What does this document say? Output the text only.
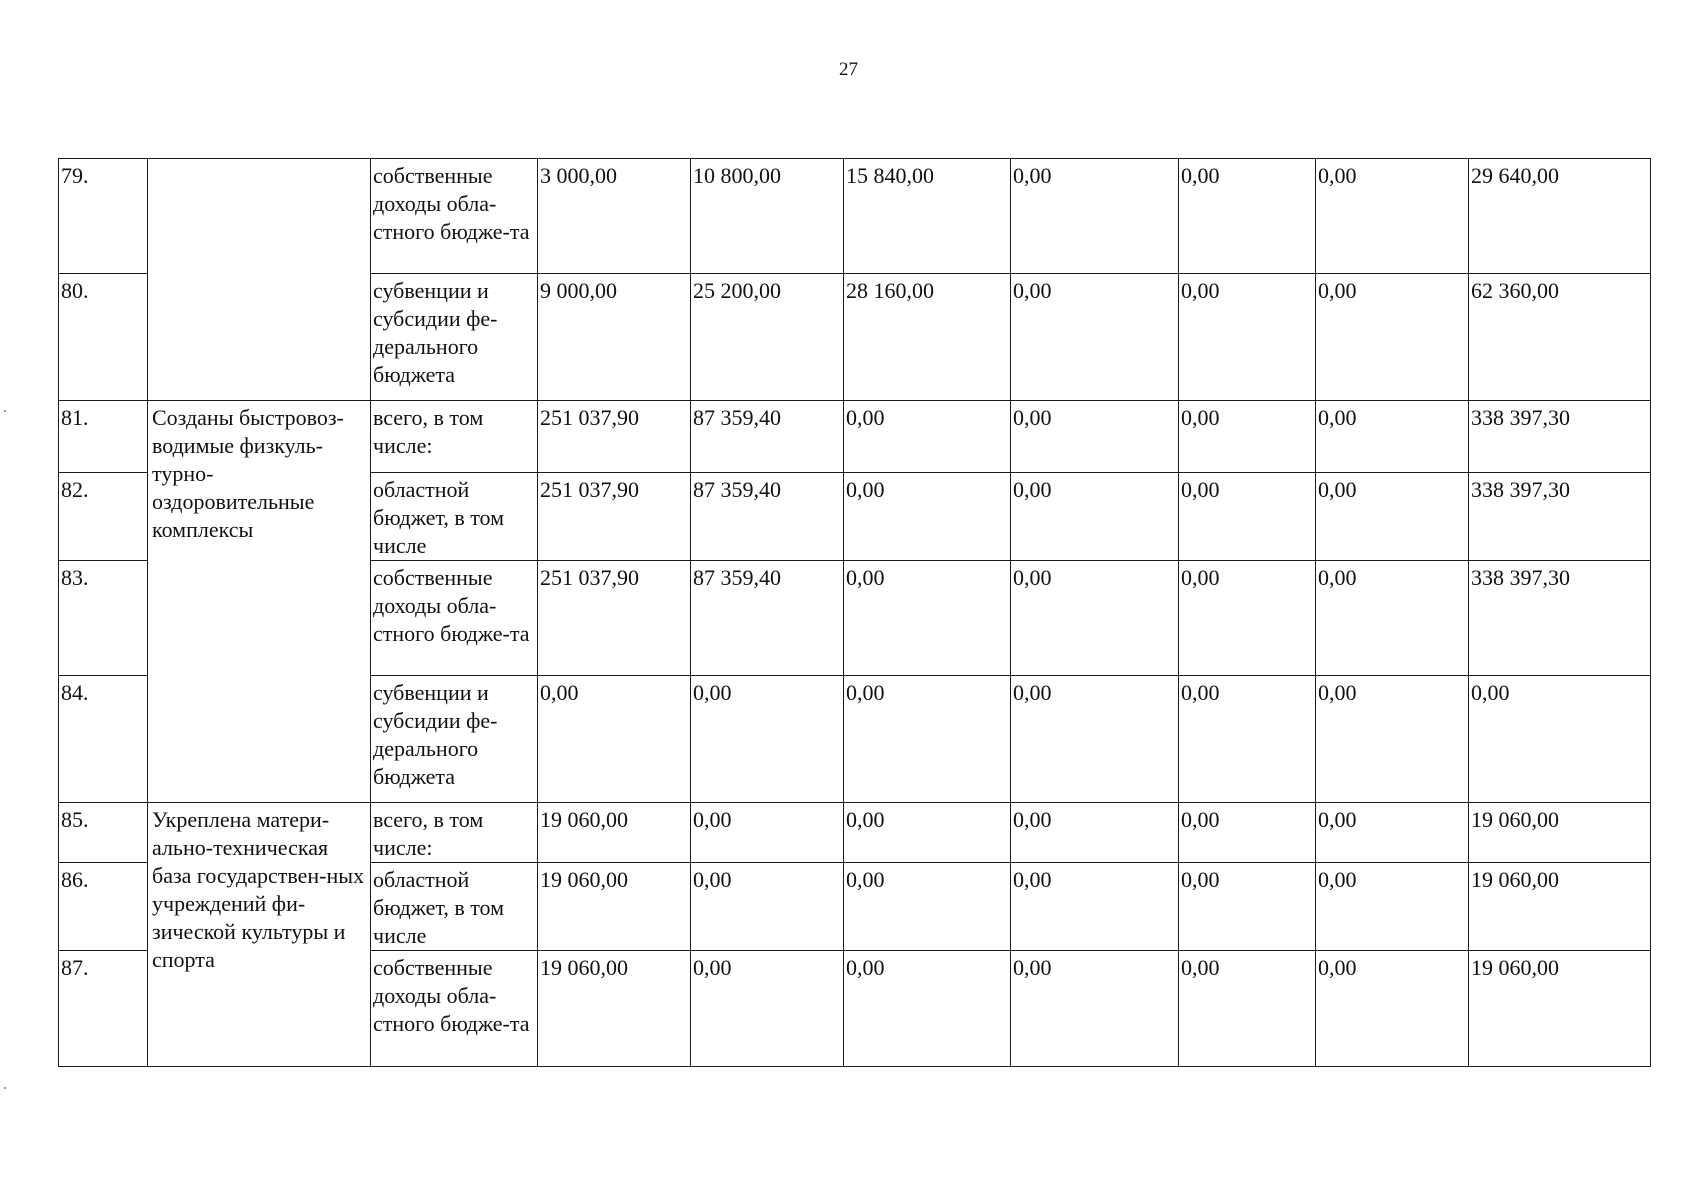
27
79.		собственные доходы обла-стного бюдже-та	3 000,00	10 800,00	15 840,00	0,00	0,00	0,00	29 640,00
80.		субвенции и субсидии фе-дерального бюджета	9 000,00	25 200,00	28 160,00	0,00	0,00	0,00	62 360,00
81.	Созданы быстровоз-водимые физкуль-турно-оздоровительные комплексы	всего, в том числе:	251 037,90	87 359,40	0,00	0,00	0,00	0,00	338 397,30
82.		областной бюджет, в том числе	251 037,90	87 359,40	0,00	0,00	0,00	0,00	338 397,30
83.		собственные доходы обла-стного бюдже-та	251 037,90	87 359,40	0,00	0,00	0,00	0,00	338 397,30
84.		субвенции и субсидии фе-дерального бюджета	0,00	0,00	0,00	0,00	0,00	0,00	0,00
85.	Укреплена матери-ально-техническая база государствен-ных учреждений фи-зической культуры и спорта	всего, в том числе:	19 060,00	0,00	0,00	0,00	0,00	0,00	19 060,00
86.		областной бюджет, в том числе	19 060,00	0,00	0,00	0,00	0,00	0,00	19 060,00
87.		собственные доходы обла-стного бюдже-та	19 060,00	0,00	0,00	0,00	0,00	0,00	19 060,00
